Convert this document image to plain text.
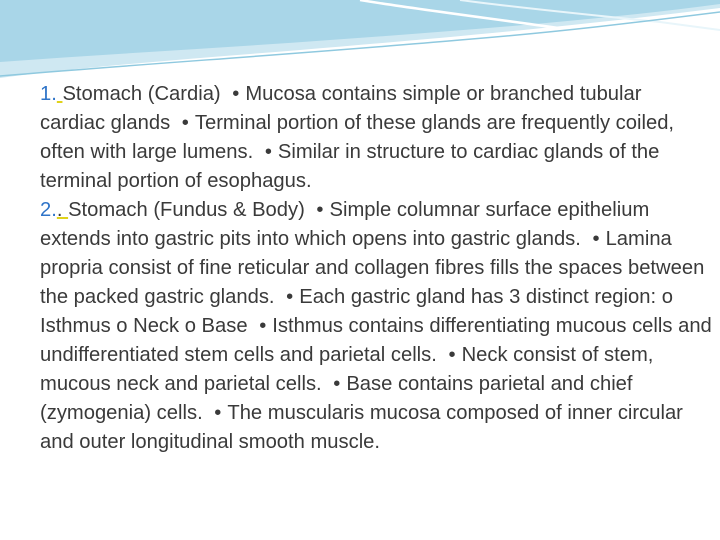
1. Stomach (Cardia) • Mucosa contains simple or branched tubular cardiac glands • Terminal portion of these glands are frequently coiled, often with large lumens. • Similar in structure to cardiac glands of the terminal portion of esophagus.
2.. Stomach (Fundus & Body) • Simple columnar surface epithelium extends into gastric pits into which opens into gastric glands. • Lamina propria consist of fine reticular and collagen fibres fills the spaces between the packed gastric glands. • Each gastric gland has 3 distinct region: o Isthmus o Neck o Base • Isthmus contains differentiating mucous cells and undifferentiated stem cells and parietal cells. • Neck consist of stem, mucous neck and parietal cells. • Base contains parietal and chief (zymogenia) cells. • The muscularis mucosa composed of inner circular and outer longitudinal smooth muscle.
